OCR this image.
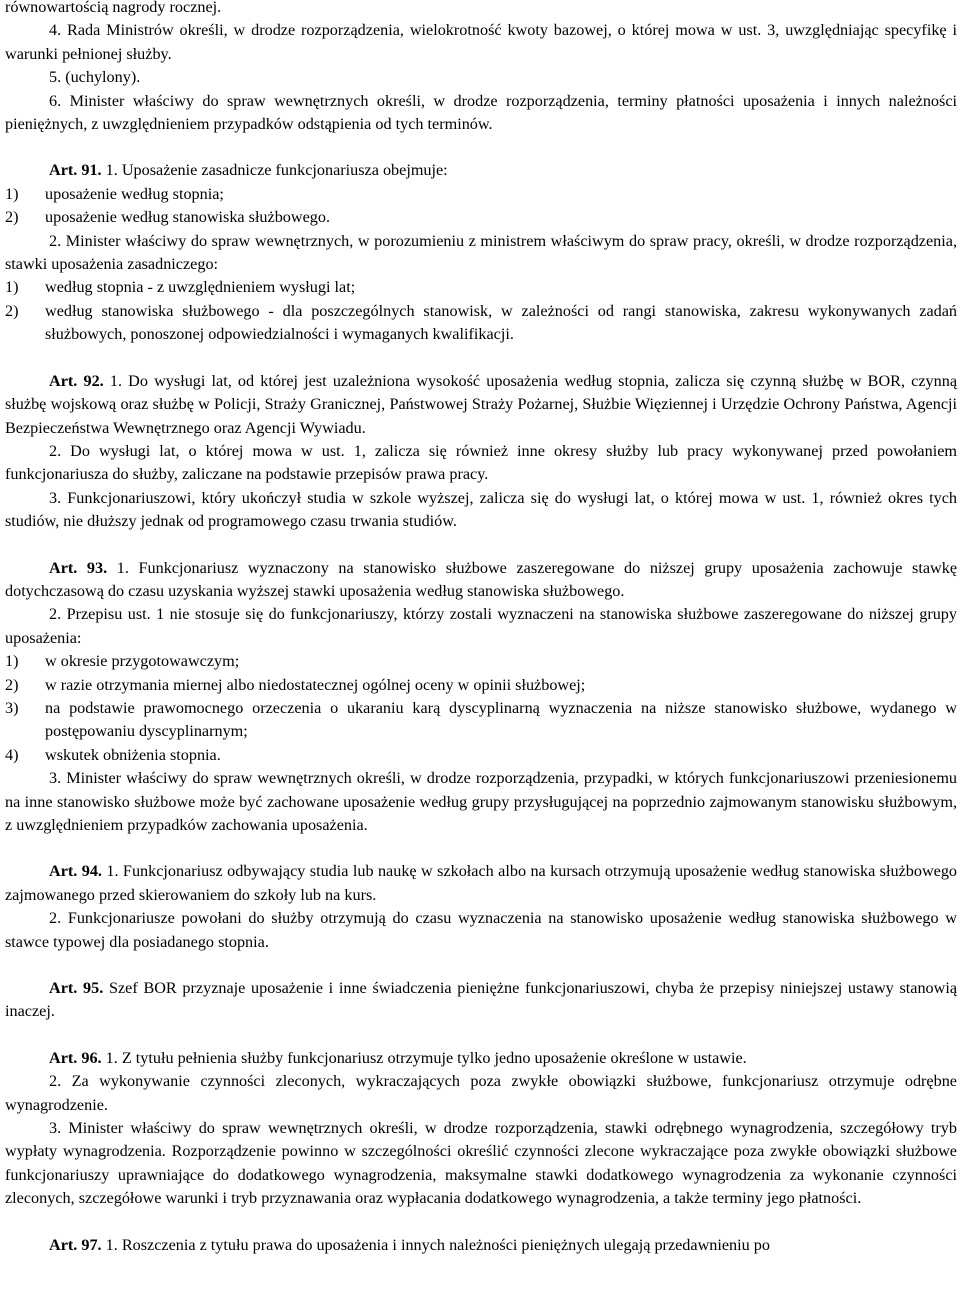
równowartością nagrody rocznej.

4. Rada Ministrów określi, w drodze rozporządzenia, wielokrotność kwoty bazowej, o której mowa w ust. 3, uwzględniając specyfikę i warunki pełnionej służby.

5. (uchylony).

6. Minister właściwy do spraw wewnętrznych określi, w drodze rozporządzenia, terminy płatności uposażenia i innych należności pieniężnych, z uwzględnieniem przypadków odstąpienia od tych terminów.

Art. 91. 1. Uposażenie zasadnicze funkcjonariusza obejmuje:

1)	uposażenie według stopnia;
2)	uposażenie według stanowiska służbowego.

2. Minister właściwy do spraw wewnętrznych, w porozumieniu z ministrem właściwym do spraw pracy, określi, w drodze rozporządzenia, stawki uposażenia zasadniczego:

1)	według stopnia - z uwzględnieniem wysługi lat;
2)	według stanowiska służbowego - dla poszczególnych stanowisk, w zależności od rangi stanowiska, zakresu wykonywanych zadań służbowych, ponoszonej odpowiedzialności i wymaganych kwalifikacji.

Art. 92. 1. Do wysługi lat, od której jest uzależniona wysokość uposażenia według stopnia, zalicza się czynną służbę w BOR, czynną służbę wojskową oraz służbę w Policji, Straży Granicznej, Państwowej Straży Pożarnej, Służbie Więziennej i Urzędzie Ochrony Państwa, Agencji Bezpieczeństwa Wewnętrznego oraz Agencji Wywiadu.

2. Do wysługi lat, o której mowa w ust. 1, zalicza się również inne okresy służby lub pracy wykonywanej przed powołaniem funkcjonariusza do służby, zaliczane na podstawie przepisów prawa pracy.

3. Funkcjonariuszowi, który ukończył studia w szkole wyższej, zalicza się do wysługi lat, o której mowa w ust. 1, również okres tych studiów, nie dłuższy jednak od programowego czasu trwania studiów.

Art. 93. 1. Funkcjonariusz wyznaczony na stanowisko służbowe zaszeregowane do niższej grupy uposażenia zachowuje stawkę dotychczasową do czasu uzyskania wyższej stawki uposażenia według stanowiska służbowego.

2. Przepisu ust. 1 nie stosuje się do funkcjonariuszy, którzy zostali wyznaczeni na stanowiska służbowe zaszeregowane do niższej grupy uposażenia:

1)	w okresie przygotowawczym;
2)	w razie otrzymania miernej albo niedostatecznej ogólnej oceny w opinii służbowej;
3)	na podstawie prawomocnego orzeczenia o ukaraniu karą dyscyplinarną wyznaczenia na niższe stanowisko służbowe, wydanego w postępowaniu dyscyplinarnym;
4)	wskutek obniżenia stopnia.

3. Minister właściwy do spraw wewnętrznych określi, w drodze rozporządzenia, przypadki, w których funkcjonariuszowi przeniesionemu na inne stanowisko służbowe może być zachowane uposażenie według grupy przysługującej na poprzednio zajmowanym stanowisku służbowym, z uwzględnieniem przypadków zachowania uposażenia.

Art. 94. 1. Funkcjonariusz odbywający studia lub naukę w szkołach albo na kursach otrzymują uposażenie według stanowiska służbowego zajmowanego przed skierowaniem do szkoły lub na kurs.

2. Funkcjonariusze powołani do służby otrzymują do czasu wyznaczenia na stanowisko uposażenie według stanowiska służbowego w stawce typowej dla posiadanego stopnia.

Art. 95. Szef BOR przyznaje uposażenie i inne świadczenia pieniężne funkcjonariuszowi, chyba że przepisy niniejszej ustawy stanowią inaczej.

Art. 96. 1. Z tytułu pełnienia służby funkcjonariusz otrzymuje tylko jedno uposażenie określone w ustawie.

2. Za wykonywanie czynności zleconych, wykraczających poza zwykłe obowiązki służbowe, funkcjonariusz otrzymuje odrębne wynagrodzenie.

3. Minister właściwy do spraw wewnętrznych określi, w drodze rozporządzenia, stawki odrębnego wynagrodzenia, szczegółowy tryb wypłaty wynagrodzenia. Rozporządzenie powinno w szczególności określić czynności zlecone wykraczające poza zwykłe obowiązki służbowe funkcjonariuszy uprawniające do dodatkowego wynagrodzenia, maksymalne stawki dodatkowego wynagrodzenia za wykonanie czynności zleconych, szczegółowe warunki i tryb przyznawania oraz wypłacania dodatkowego wynagrodzenia, a także terminy jego płatności.

Art. 97. 1. Roszczenia z tytułu prawa do uposażenia i innych należności pieniężnych ulegają przedawnieniu po
